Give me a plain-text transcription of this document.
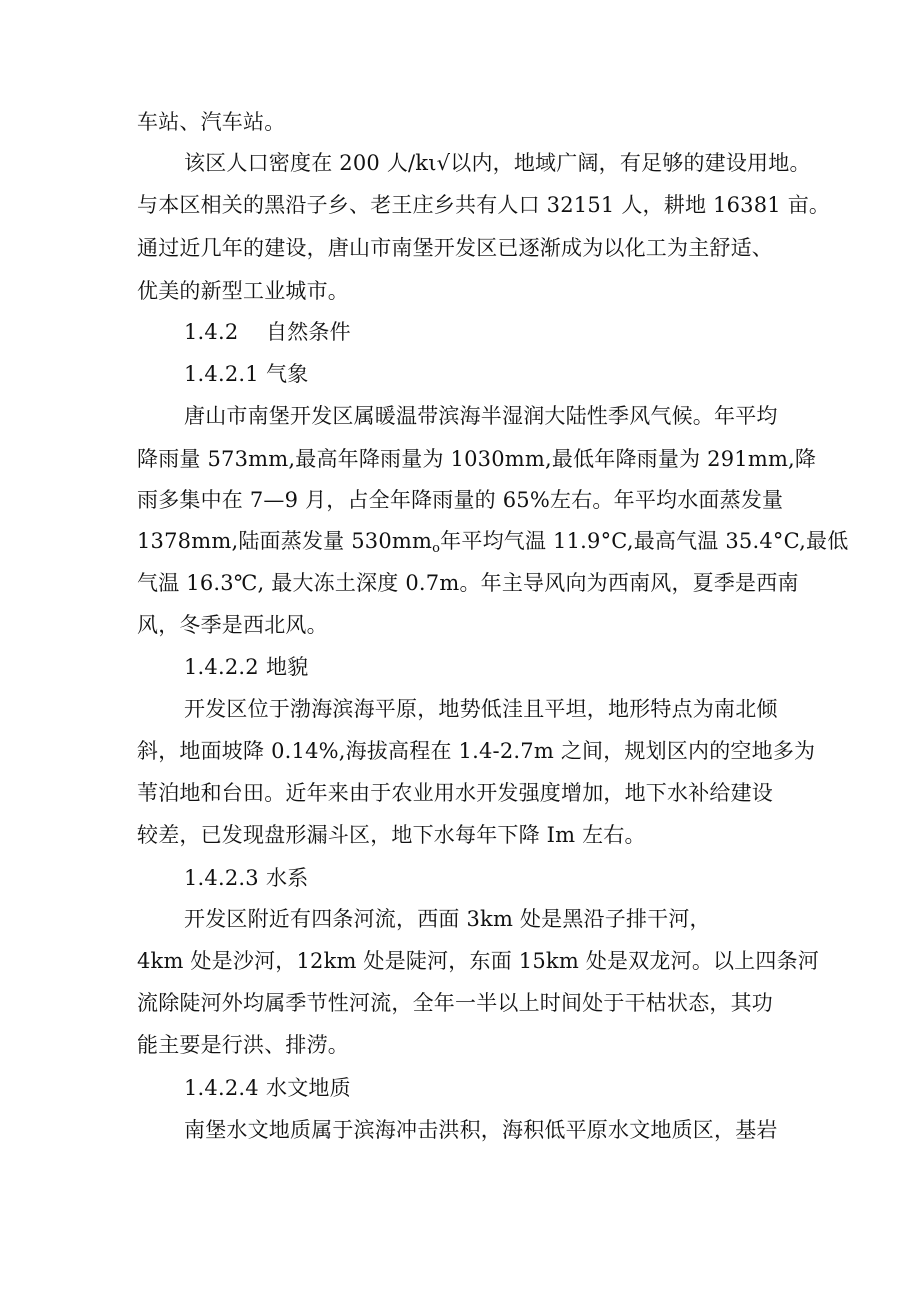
车站、汽车站。
该区人口密度在 200 人/kι√以内，地域广阔，有足够的建设用地。
与本区相关的黑沿子乡、老王庄乡共有人口 32151 人，耕地 16381 亩。
通过近几年的建设，唐山市南堡开发区已逐渐成为以化工为主舒适、
优美的新型工业城市。
1.4.2 自然条件
1.4.2.1 气象
唐山市南堡开发区属暖温带滨海半湿润大陆性季风气候。年平均
降雨量 573mm,最高年降雨量为 1030mm,最低年降雨量为 291mm,降
雨多集中在 7—9 月，占全年降雨量的 65%左右。年平均水面蒸发量
1378mm,陆面蒸发量 $530mm_o$年平均气温 11.9°C,最高气温 35.4°C,最低
气温 16.3℃, 最大冻土深度 0.7m。年主导风向为西南风，夏季是西南
风，冬季是西北风。
1.4.2.2 地貌
开发区位于渤海滨海平原，地势低洼且平坦，地形特点为南北倾
斜，地面坡降 0.14%,海拔高程在 1.4-2.7m 之间，规划区内的空地多为
苇泊地和台田。近年来由于农业用水开发强度增加，地下水补给建设
较差，已发现盘形漏斗区，地下水每年下降 Im 左右。
1.4.2.3 水系
开发区附近有四条河流，西面 3km 处是黑沿子排干河，
4km 处是沙河，12km 处是陡河，东面 15km 处是双龙河。以上四条河
流除陡河外均属季节性河流，全年一半以上时间处于干枯状态，其功
能主要是行洪、排涝。
1.4.2.4 水文地质
南堡水文地质属于滨海冲击洪积，海积低平原水文地质区，基岩
